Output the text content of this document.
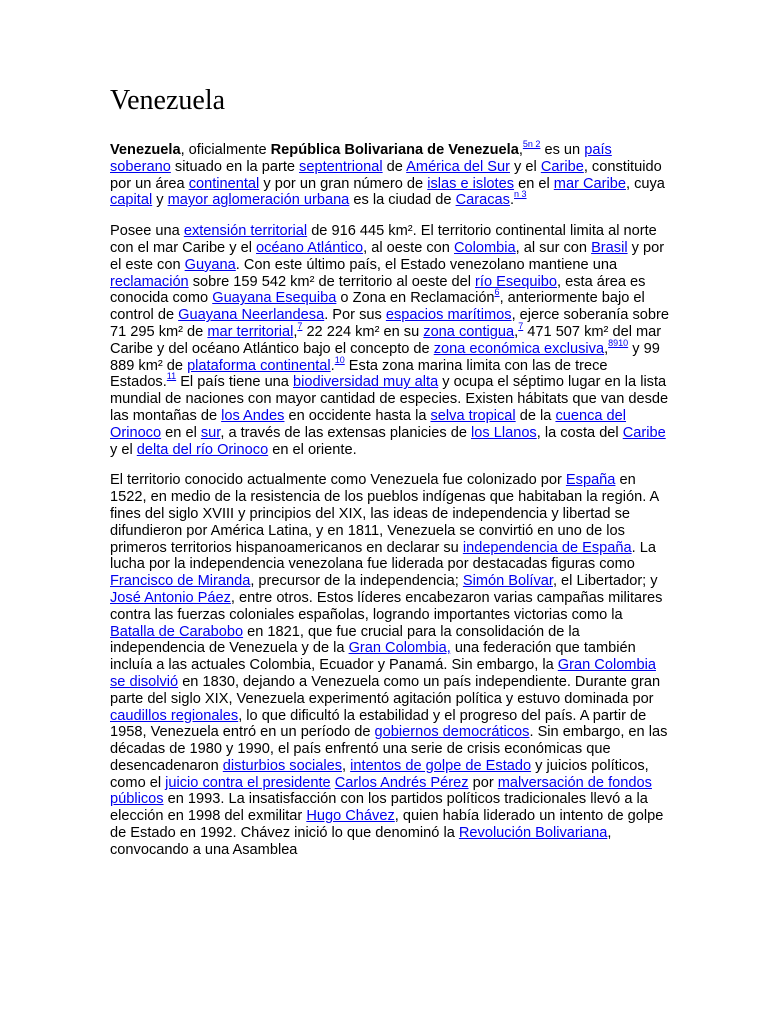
Venezuela

Venezuela, oficialmente República Bolivariana de Venezuela,$^{5n 2}$ es un país soberano situado en la parte septentrional de América del Sur y el Caribe, constituido por un área continental y por un gran número de islas e islotes en el mar Caribe, cuya capital y mayor aglomeración urbana es la ciudad de Caracas.$^{n 3}$

Posee una extensión territorial de 916 445 km². El territorio continental limita al norte con el mar Caribe y el océano Atlántico, al oeste con Colombia, al sur con Brasil y por el este con Guyana. Con este último país, el Estado venezolano mantiene una reclamación sobre 159 542 km² de territorio al oeste del río Esequibo, esta área es conocida como Guayana Esequiba o Zona en Reclamación$^6$, anteriormente bajo el control de Guayana Neerlandesa. Por sus espacios marítimos, ejerce soberanía sobre 71 295 km² de mar territorial,$^7$ 22 224 km² en su zona contigua,$^7$ 471 507 km² del mar Caribe y del océano Atlántico bajo el concepto de zona económica exclusiva,$^{8910}$ y 99 889 km² de plataforma continental.$^{10}$ Esta zona marina limita con las de trece Estados.$^{11}$ El país tiene una biodiversidad muy alta y ocupa el séptimo lugar en la lista mundial de naciones con mayor cantidad de especies. Existen hábitats que van desde las montañas de los Andes en occidente hasta la selva tropical de la cuenca del Orinoco en el sur, a través de las extensas planicies de los Llanos, la costa del Caribe y el delta del río Orinoco en el oriente.

El territorio conocido actualmente como Venezuela fue colonizado por España en 1522, en medio de la resistencia de los pueblos indígenas que habitaban la región. A fines del siglo XVIII y principios del XIX, las ideas de independencia y libertad se difundieron por América Latina, y en 1811, Venezuela se convirtió en uno de los primeros territorios hispanoamericanos en declarar su independencia de España. La lucha por la independencia venezolana fue liderada por destacadas figuras como Francisco de Miranda, precursor de la independencia; Simón Bolívar, el Libertador; y José Antonio Páez, entre otros. Estos líderes encabezaron varias campañas militares contra las fuerzas coloniales españolas, logrando importantes victorias como la Batalla de Carabobo en 1821, que fue crucial para la consolidación de la independencia de Venezuela y de la Gran Colombia, una federación que también incluía a las actuales Colombia, Ecuador y Panamá. Sin embargo, la Gran Colombia se disolvió en 1830, dejando a Venezuela como un país independiente. Durante gran parte del siglo XIX, Venezuela experimentó agitación política y estuvo dominada por caudillos regionales, lo que dificultó la estabilidad y el progreso del país. A partir de 1958, Venezuela entró en un período de gobiernos democráticos. Sin embargo, en las décadas de 1980 y 1990, el país enfrentó una serie de crisis económicas que desencadenaron disturbios sociales, intentos de golpe de Estado y juicios políticos, como el juicio contra el presidente Carlos Andrés Pérez por malversación de fondos públicos en 1993. La insatisfacción con los partidos políticos tradicionales llevó a la elección en 1998 del exmilitar Hugo Chávez, quien había liderado un intento de golpe de Estado en 1992. Chávez inició lo que denominó la Revolución Bolivariana, convocando a una Asamblea
